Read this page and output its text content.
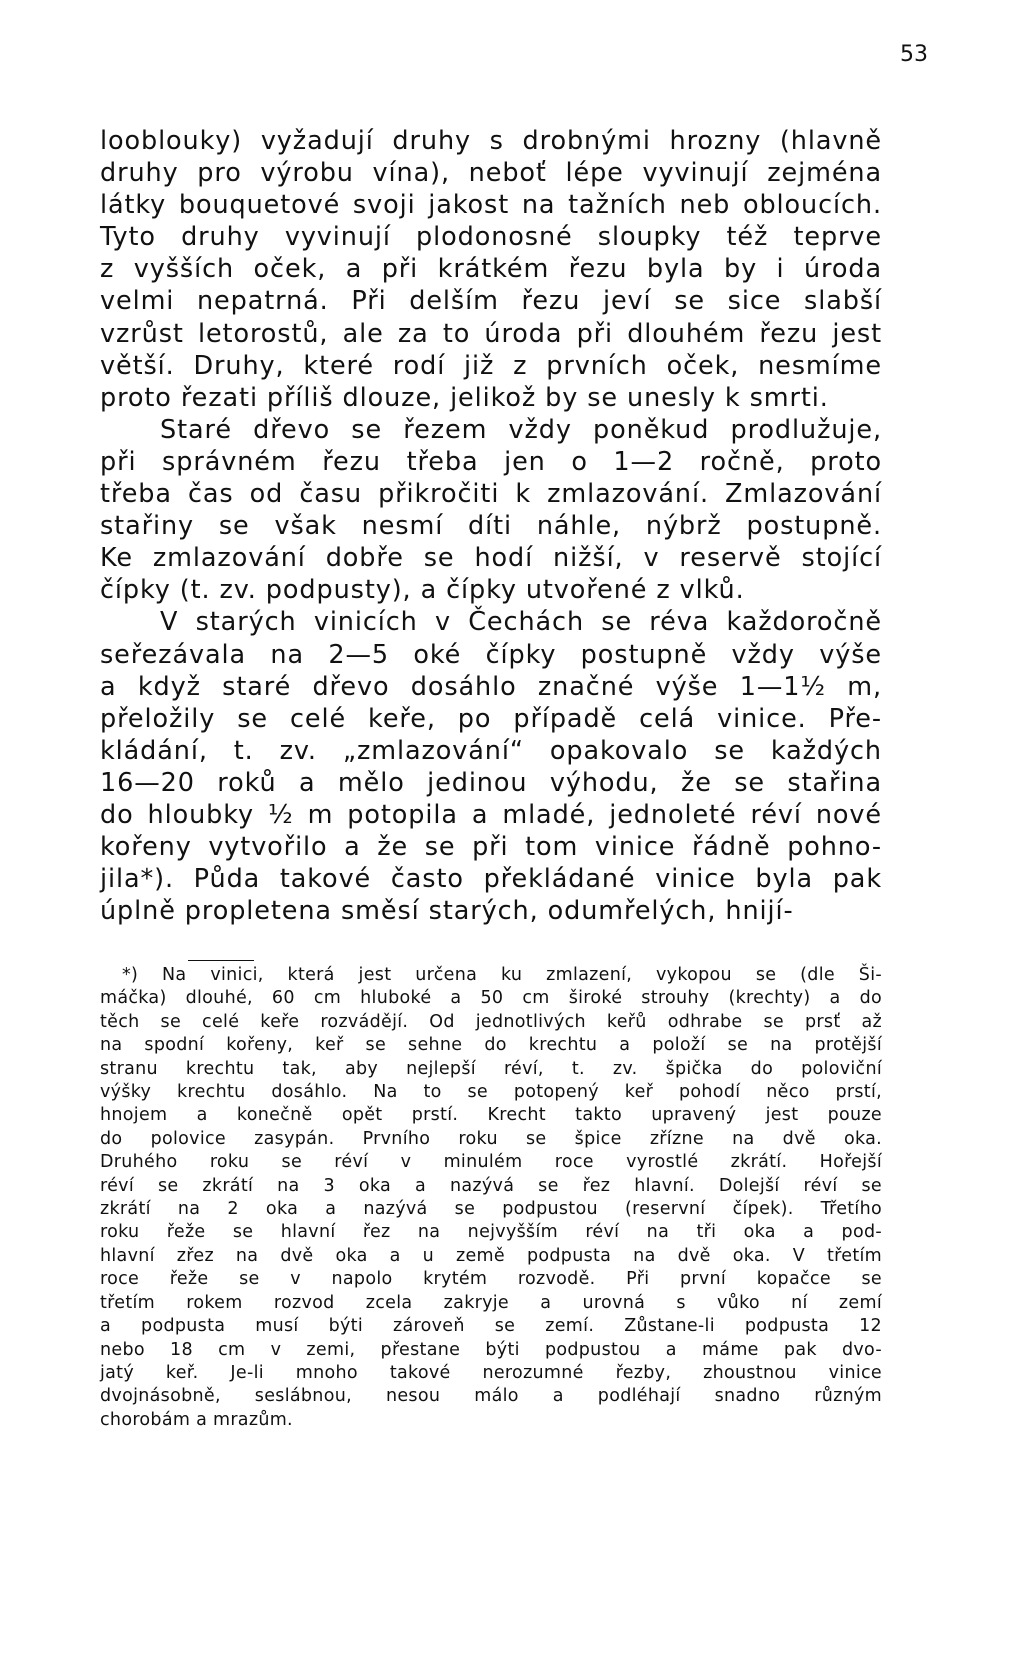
53
loobloukу) vyžadují druhy s drobnými hrozny (hlavně
druhy pro výrobu vína), neboť lépe vyvinují zejména
látky bouquetové svoji jakost na tažních neb obloucích.
Tyto druhy vyvinují plodonosné sloupky též teprve
z vyšších oček, a při krátkém řezu byla by i úroda
velmi nepatrná. Při delším řezu jeví se sice slabší
vzrůst letorostů, ale za to úroda při dlouhém řezu jest
větší. Druhy, které rodí již z prvních oček, nesmíme
proto řezati příliš dlouze, jelikož by se unesly k smrti.
Staré dřevo se řezem vždy poněkud prodlužuje,
při správném řezu třeba jen o 1—2 ročně, proto
třeba čas od času přikročiti k zmlazování. Zmlazování
stařiny se však nesmí díti náhle, nýbrž postupně.
Ke zmlazování dobře se hodí nižší, v reservě stojící
čípky (t. zv. podpusty), a čípky utvořené z vlků.
V starých vinicích v Čechách se réva každoročně
seřezávala na 2—5 oké čípky postupně vždy výše
a když staré dřevo dosáhlo značné výše 1—1½ m,
přeložily se celé keře, po případě celá vinice. Pře-
kládání, t. zv. „zmlazování“ opakovalo se každých
16—20 roků a mělo jedinou výhodu, že se stařina
do hloubky ½ m potopila a mladé, jednoleté réví nové
kořeny vytvořilo a že se při tom vinice řádně pohno-
jila*). Půda takové často překládané vinice byla pak
úplně propletena směsí starých, odumřelých, hnijí-
*) Na vinici, která jest určena ku zmlazení, vykopou se (dle Ši-
máčka) dlouhé, 60 cm hluboké a 50 cm široké strouhy (krechty) a do
těch se celé keře rozvádějí. Od jednotlivých keřů odhrabe se prsť až
na spodní kořeny, keř se sehne do krechtu a položí se na protější
stranu krechtu tak, aby nejlepší réví, t. zv. špička do poloviční
výšky krechtu dosáhlo. Na to se potopený keř pohodí něco prstí,
hnojem a konečně opět prstí. Krecht takto upravený jest pouze
do polovice zasypán. Prvního roku se špice zřízne na dvě oka.
Druhého roku se réví v minulém roce vyrostlé zkrátí. Hořejší
réví se zkrátí na 3 oka a nazývá se řez hlavní. Dolejší réví se
zkrátí na 2 oka a nazývá se podpustou (reservní čípek). Třetího
roku řeže se hlavní řez na nejvyšším réví na tři oka a pod-
hlavní zřez na dvě oka a u země podpusta na dvě oka. V třetím
roce řeže se v napolo krytém rozvodě. Při první kopačce se
třetím rokem rozvod zcela zakryje a urovná s vůko ní zemí
a podpusta musí býti zároveň se zemí. Zůstane-li podpusta 12
nebo 18 cm v zemi, přestane býti podpustou a máme pak dvo-
jatý keř. Je-li mnoho takové nerozumné řezby, zhoustnou vinice
dvojnásobně, seslábnou, nesou málo a podléhají snadno různým
chorobám a mrazům.
